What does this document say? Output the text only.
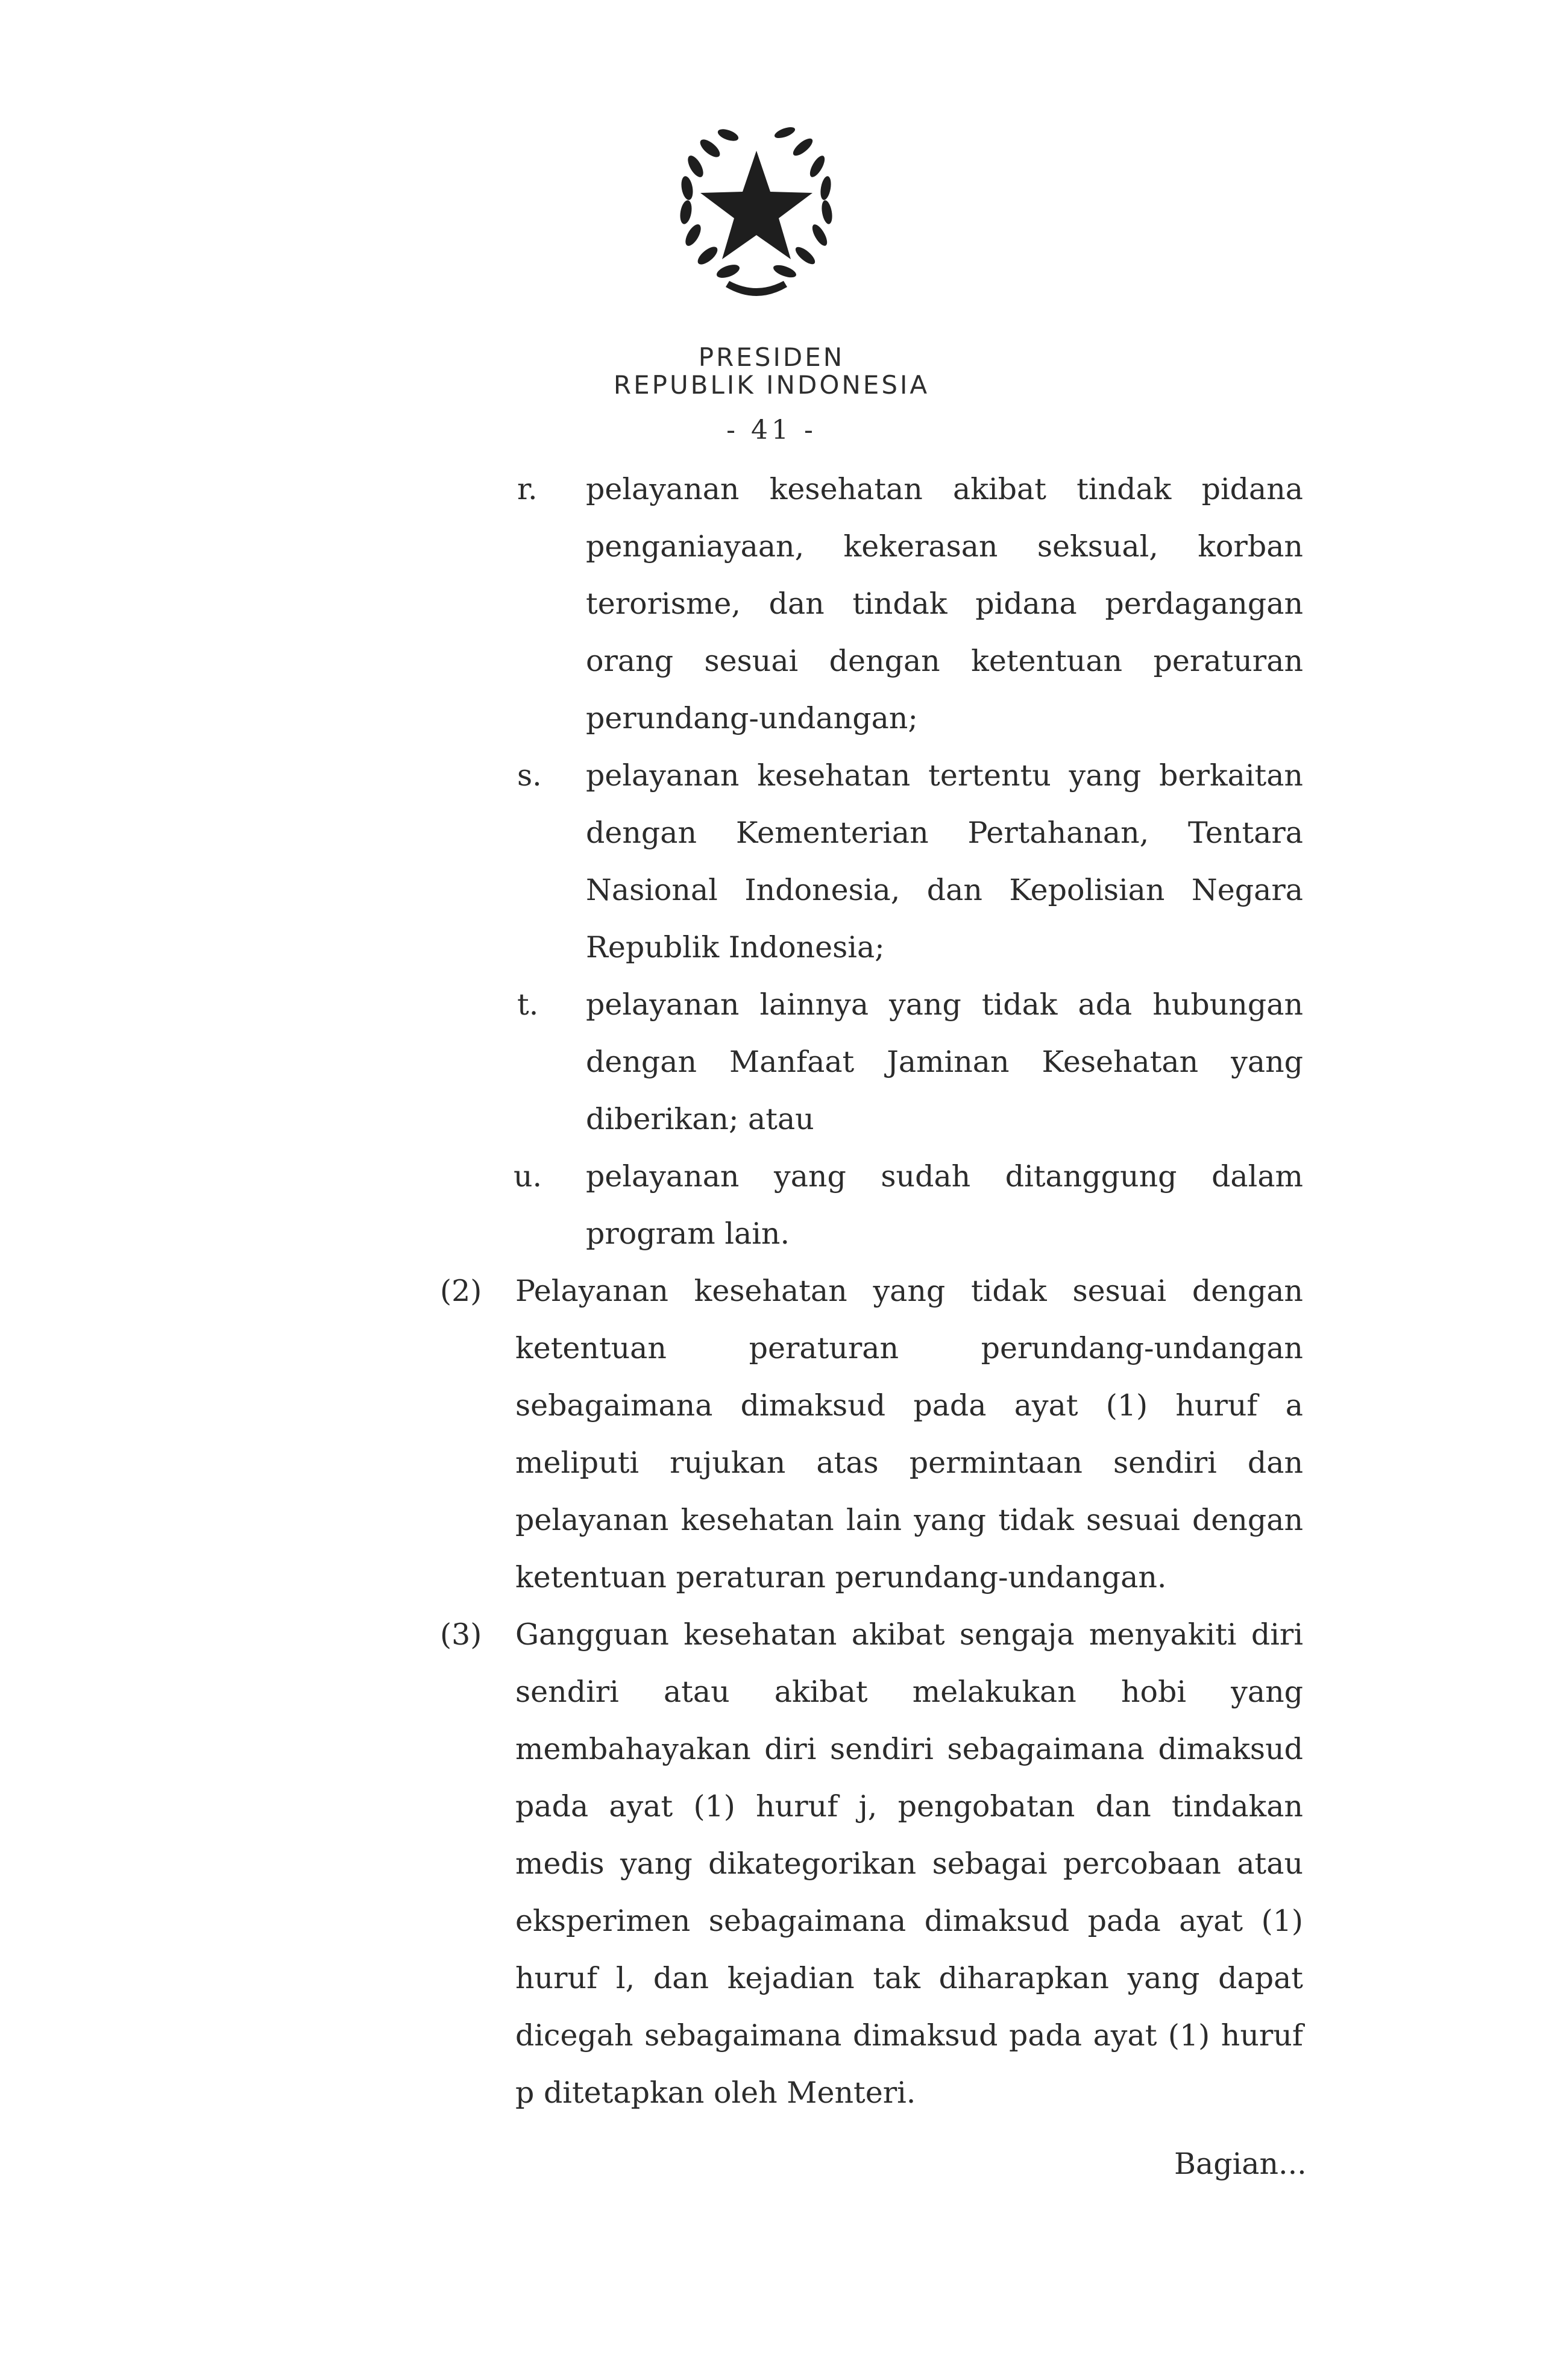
PRESIDEN
REPUBLIK INDONESIA
- 41 -
r. pelayanan kesehatan akibat tindak pidana
penganiayaan, kekerasan seksual, korban
terorisme, dan tindak pidana perdagangan
orang sesuai dengan ketentuan peraturan
perundang-undangan;
s. pelayanan kesehatan tertentu yang berkaitan
dengan Kementerian Pertahanan, Tentara
Nasional Indonesia, dan Kepolisian Negara
Republik Indonesia;
t. pelayanan lainnya yang tidak ada hubungan
dengan Manfaat Jaminan Kesehatan yang
diberikan; atau
u. pelayanan yang sudah ditanggung dalam
program lain.
(2) Pelayanan kesehatan yang tidak sesuai dengan
ketentuan peraturan perundang-undangan
sebagaimana dimaksud pada ayat (1) huruf a
meliputi rujukan atas permintaan sendiri dan
pelayanan kesehatan lain yang tidak sesuai dengan
ketentuan peraturan perundang-undangan.
(3) Gangguan kesehatan akibat sengaja menyakiti diri
sendiri atau akibat melakukan hobi yang
membahayakan diri sendiri sebagaimana dimaksud
pada ayat (1) huruf j, pengobatan dan tindakan
medis yang dikategorikan sebagai percobaan atau
eksperimen sebagaimana dimaksud pada ayat (1)
huruf l, dan kejadian tak diharapkan yang dapat
dicegah sebagaimana dimaksud pada ayat (1) huruf
p ditetapkan oleh Menteri.
Bagian...
